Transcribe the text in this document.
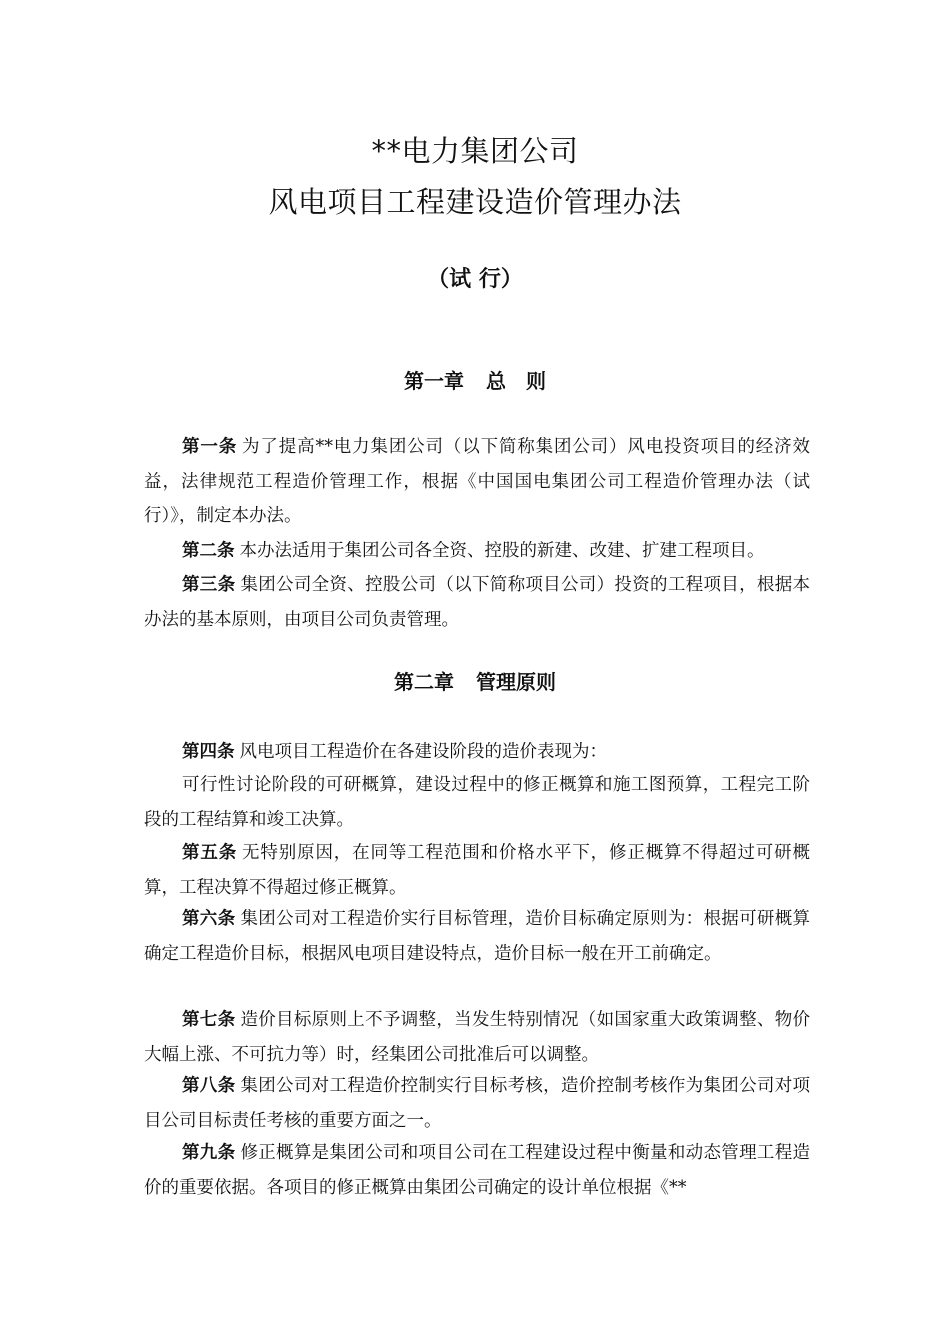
**电力集团公司
风电项目工程建设造价管理办法
（试 行）
第一章 总　则
第一条 为了提高**电力集团公司（以下简称集团公司）风电投资项目的经济效益，法律规范工程造价管理工作，根据《中国国电集团公司工程造价管理办法（试行）》，制定本办法。
第二条 本办法适用于集团公司各全资、控股的新建、改建、扩建工程项目。
第三条 集团公司全资、控股公司（以下简称项目公司）投资的工程项目，根据本办法的基本原则，由项目公司负责管理。
第二章 管理原则
第四条 风电项目工程造价在各建设阶段的造价表现为：
可行性讨论阶段的可研概算，建设过程中的修正概算和施工图预算，工程完工阶段的工程结算和竣工决算。
第五条 无特别原因，在同等工程范围和价格水平下，修正概算不得超过可研概算，工程决算不得超过修正概算。
第六条 集团公司对工程造价实行目标管理，造价目标确定原则为：根据可研概算确定工程造价目标，根据风电项目建设特点，造价目标一般在开工前确定。
第七条 造价目标原则上不予调整，当发生特别情况（如国家重大政策调整、物价大幅上涨、不可抗力等）时，经集团公司批准后可以调整。
第八条 集团公司对工程造价控制实行目标考核，造价控制考核作为集团公司对项目公司目标责任考核的重要方面之一。
第九条 修正概算是集团公司和项目公司在工程建设过程中衡量和动态管理工程造价的重要依据。各项目的修正概算由集团公司确定的设计单位根据《**
